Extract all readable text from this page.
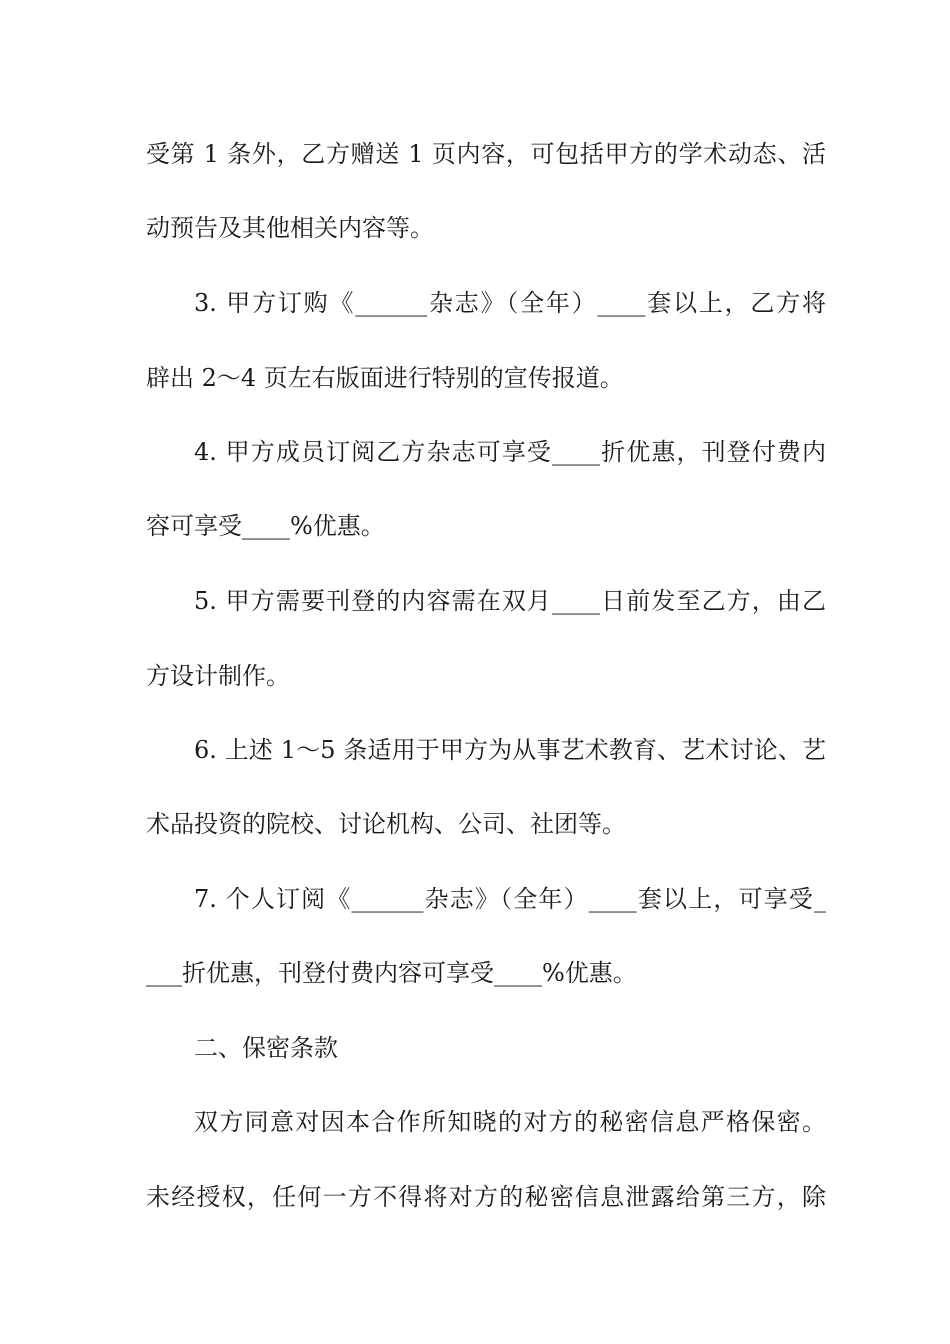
受第 1 条外，乙方赠送 1 页内容，可包括甲方的学术动态、活
动预告及其他相关内容等。
3. 甲方订购《______杂志》（全年）____套以上，乙方将
辟出 2～4 页左右版面进行特别的宣传报道。
4. 甲方成员订阅乙方杂志可享受____折优惠，刊登付费内
容可享受____%优惠。
5. 甲方需要刊登的内容需在双月____日前发至乙方，由乙
方设计制作。
6. 上述 1～5 条适用于甲方为从事艺术教育、艺术讨论、艺
术品投资的院校、讨论机构、公司、社团等。
7. 个人订阅《______杂志》（全年）____套以上，可享受_
___折优惠，刊登付费内容可享受____%优惠。
二、保密条款
双方同意对因本合作所知晓的对方的秘密信息严格保密。
未经授权，任何一方不得将对方的秘密信息泄露给第三方，除
